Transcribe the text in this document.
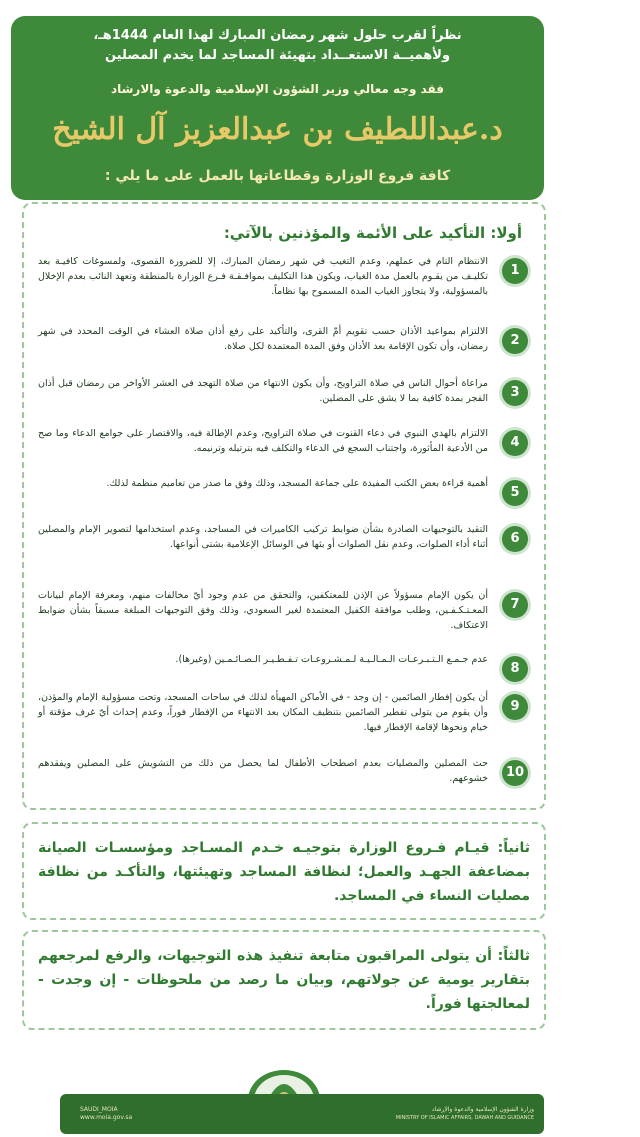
نظراً لقرب حلول شهر رمضان المبارك لهذا العام 1444هـ،
ولأهميــة الاستعــداد بتهيئة المساجد لما يخدم المصلين
فقد وجه معالي وزير الشؤون الإسلامية والدعوة والارشاد
د.عبداللطيف بن عبدالعزيز آل الشيخ
كافة فروع الوزارة وقطاعاتها بالعمل على ما يلي :
أولا: التأكيد على الأئمة والمؤذنين بالآتي:
1
الانتظام التام في عملهم، وعدم التغيب في شهر رمضان المبارك، إلا للضرورة القصوى، ولمسوغات كافيـة بعد تكليـف من يقـوم بالعمل مدة الغياب، ويكون هذا التكليف بموافـقـة فـرع الوزارة بالمنطقة وتعهد النائب بعدم الإخلال بالمسؤولية، ولا يتجاوز الغياب المدة المسموح بها نظاماً.
2
الالتزام بمواعيد الأذان حسب تقويم أمّ القرى، والتأكيد على رفع أذان صلاة العشاء في الوقت المحدد في شهر رمضان، وأن تكون الإقامة بعد الأذان وفق المدة المعتمدة لكل صلاة.
3
مراعاة أحوال الناس في صلاة التراويح، وأن يكون الانتهاء من صلاة التهجد في العشر الأواخر من رمضان قبل أذان الفجر بمدة كافية بما لا يشق على المصلين.
4
الالتزام بالهدي النبوي في دعاء القنوت في صلاة التراويح، وعدم الإطالة فيه، والاقتصار على جوامع الدعاء وما صح من الأدعية المأثورة، واجتناب السجع في الدعاء والتكلف فيه بترتيله وترنيمه.
5
أهمية قراءة بعض الكتب المفيدة على جماعة المسجد، وذلك وفق ما صدر من تعاميم منظمة لذلك.
6
التقيد بالتوجيهات الصادرة بشأن ضوابط تركيب الكاميرات في المساجد، وعدم استخدامها لتصوير الإمام والمصلين أثناء أداء الصلوات، وعدم نقل الصلوات أو بثها في الوسائل الإعلامية بشتى أنواعها.
7
أن يكون الإمام مسؤولاً عن الإذن للمعتكفين، والتحقق من عدم وجود أيّ مخالفات منهم، ومعرفة الإمام لبيانات المعـتـكـفـين، وطلب موافقة الكفيل المعتمدة لغير السعودي، وذلك وفق التوجيهات المبلغة مسبقاً بشأن ضوابط الاعتكاف.
8
عدم جـمـع الـتـبـرعـات الـمـالـيـة لـمـشـروعـات تـفـطـيـر الـصـائـمـين (وغيرها).
9
أن يكون إفطار الصائمين - إن وجد - في الأماكن المهيأة لذلك في ساحات المسجد، وتحت مسؤولية الإمام والمؤذن، وأن يقوم من يتولى تفطير الصائمين بتنظيف المكان بعد الانتهاء من الإفطار فوراً، وعدم إحداث أيّ غرف مؤقتة أو خيام ونحوها لإقامة الإفطار فيها.
10
حث المصلين والمصليات بعدم اصطحاب الأطفال لما يحصل من ذلك من التشويش على المصلين ويفقدهم خشوعهم.
ثانياً: قيـام فـروع الوزارة بتوجيـه خـدم المسـاجد ومؤسسـات الصيانة بمضاعفة الجهـد والعمل؛ لنظافة المساجد وتهيئتها، والتأكـد من نظافة مصليات النساء في المساجد.
ثالثاً: أن يتولى المراقبون متابعة تنفيذ هذه التوجيهات، والرفع لمرجعهم بتقارير يومية عن جولاتهم، وبيان ما رصد من ملحوظات - إن وجدت - لمعالجتها فوراً.
وزارة الشؤون الإسلامية والدعوة والإرشاد
MINISTRY OF ISLAMIC AFFAIRS, DAWAH AND GUIDANCE
SAUDI_MOIA
www.moia.gov.sa
